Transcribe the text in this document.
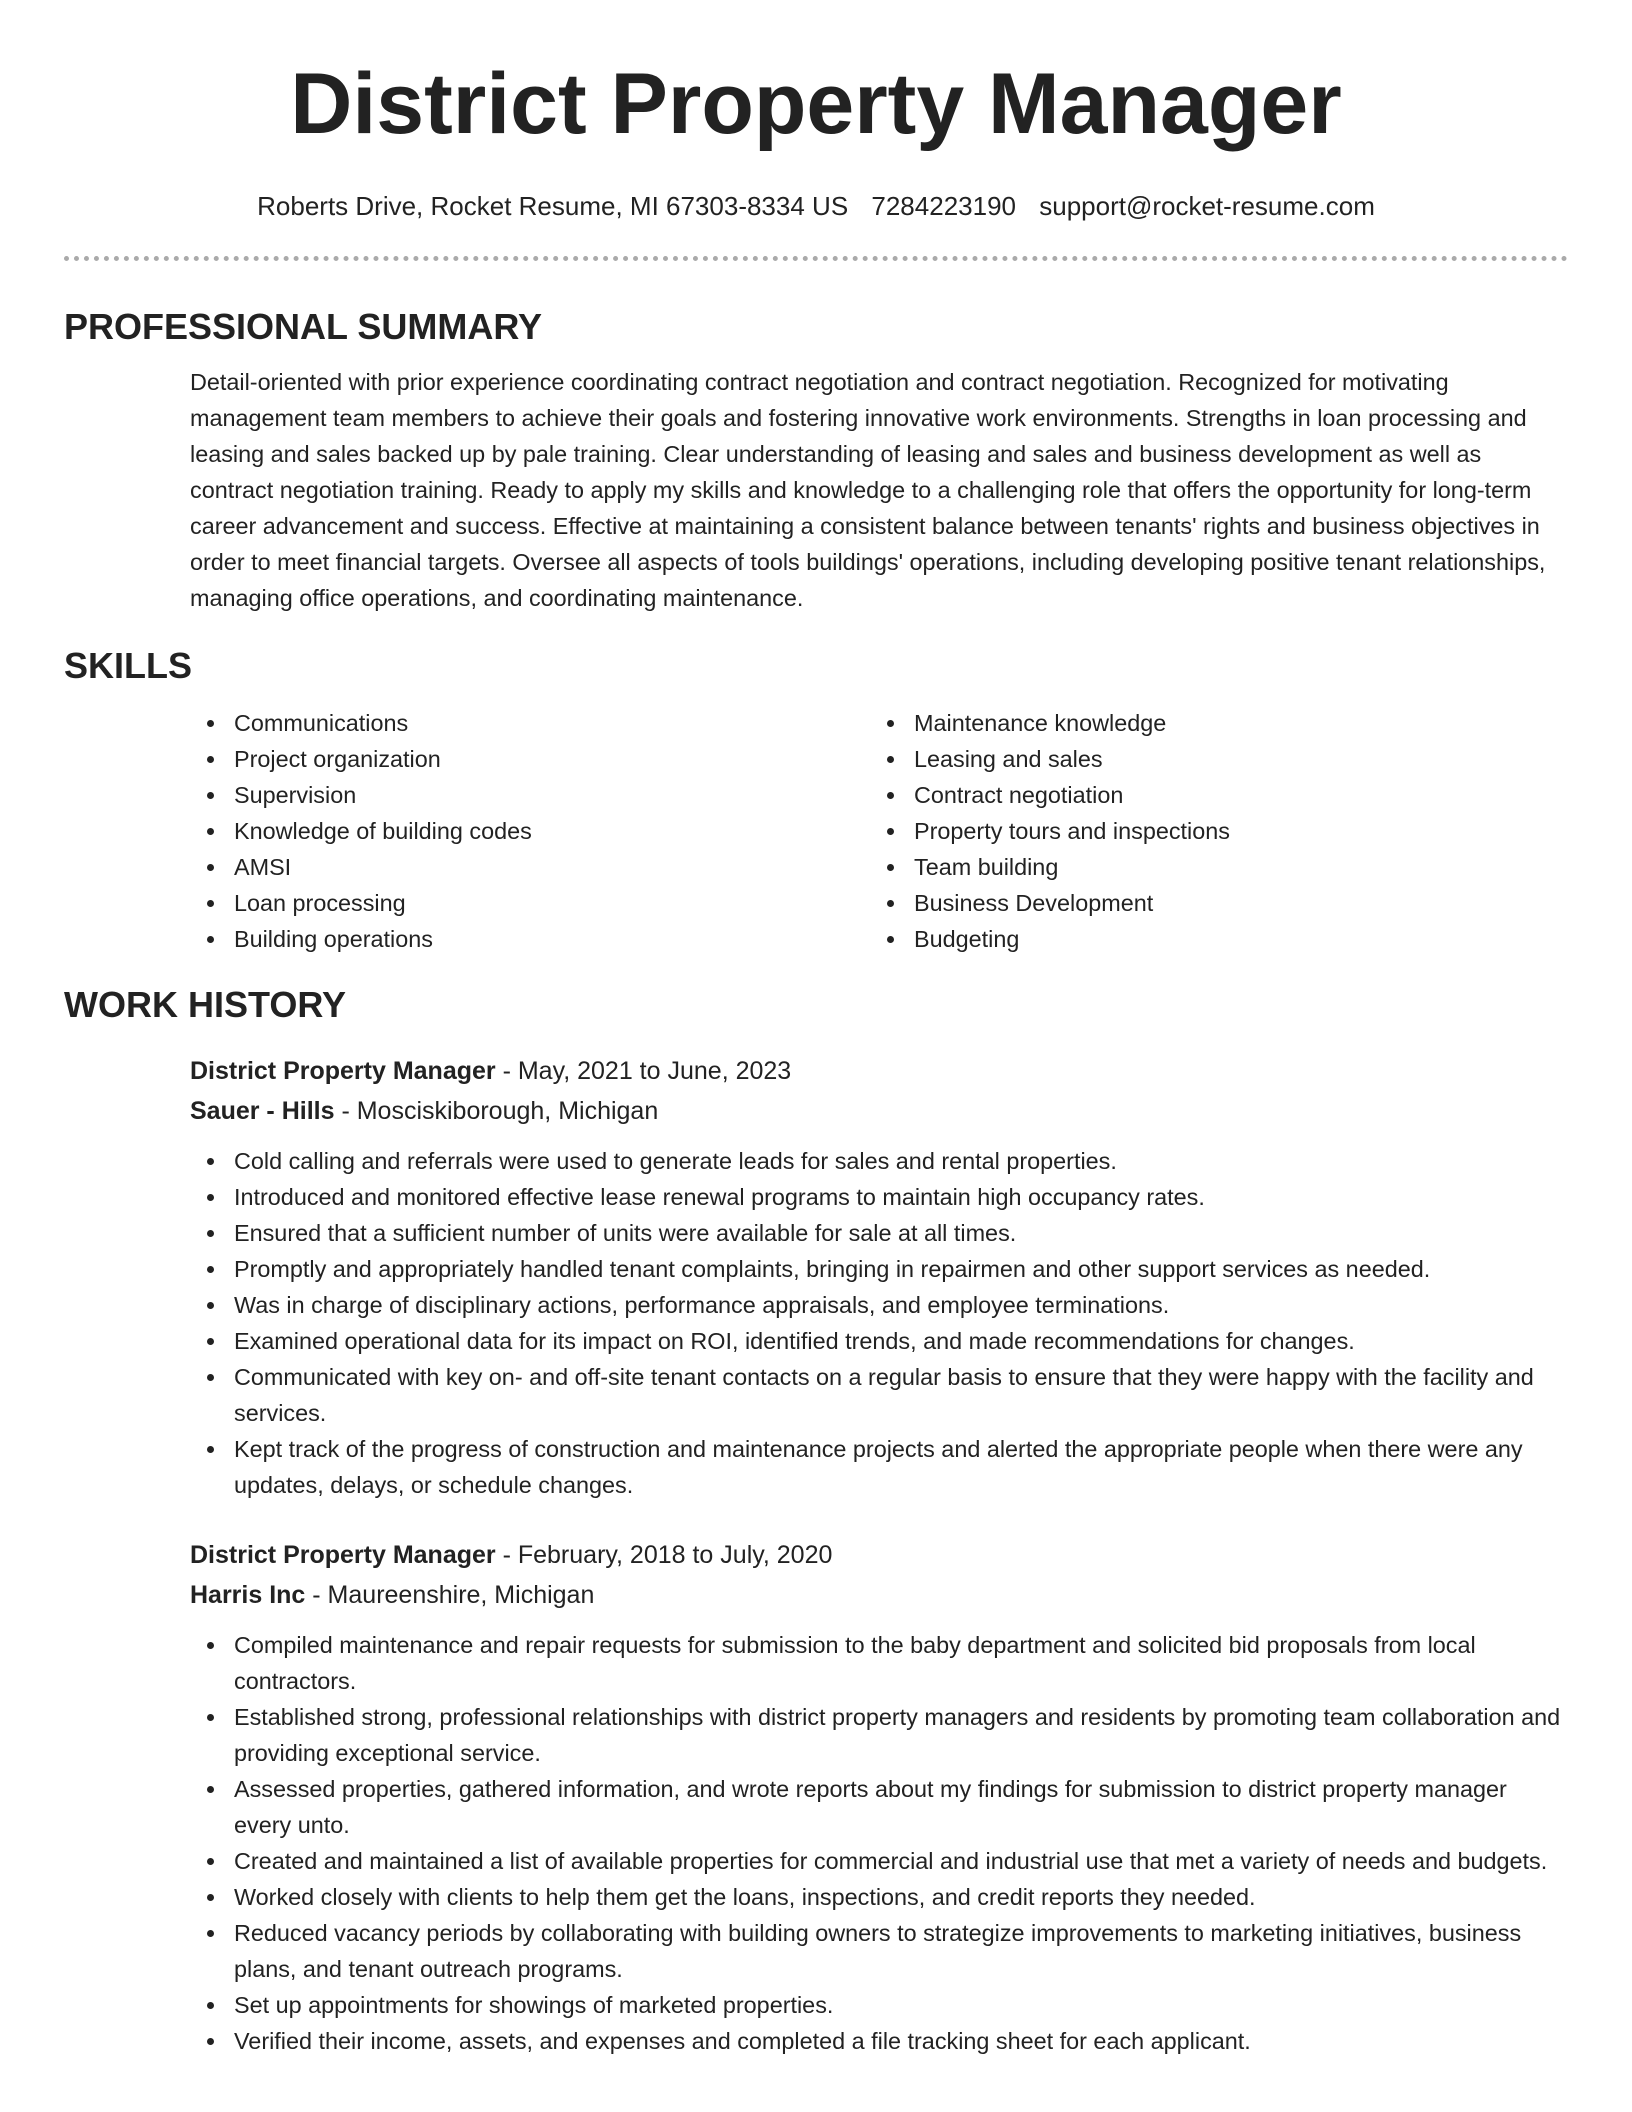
District Property Manager
Roberts Drive, Rocket Resume, MI 67303-8334 US 7284223190 support@rocket-resume.com
PROFESSIONAL SUMMARY

Detail-oriented with prior experience coordinating contract negotiation and contract negotiation. Recognized for motivating management team members to achieve their goals and fostering innovative work environments. Strengths in loan processing and leasing and sales backed up by pale training. Clear understanding of leasing and sales and business development as well as contract negotiation training. Ready to apply my skills and knowledge to a challenging role that offers the opportunity for long-term career advancement and success. Effective at maintaining a consistent balance between tenants' rights and business objectives in order to meet financial targets. Oversee all aspects of tools buildings' operations, including developing positive tenant relationships, managing office operations, and coordinating maintenance.

SKILLS
Communications
Project organization
Supervision
Knowledge of building codes
AMSI
Loan processing
Building operations
Maintenance knowledge
Leasing and sales
Contract negotiation
Property tours and inspections
Team building
Business Development
Budgeting
WORK HISTORY
District Property Manager - May, 2021 to June, 2023
Sauer - Hills - Mosciskiborough, Michigan
Cold calling and referrals were used to generate leads for sales and rental properties.
Introduced and monitored effective lease renewal programs to maintain high occupancy rates.
Ensured that a sufficient number of units were available for sale at all times.
Promptly and appropriately handled tenant complaints, bringing in repairmen and other support services as needed.
Was in charge of disciplinary actions, performance appraisals, and employee terminations.
Examined operational data for its impact on ROI, identified trends, and made recommendations for changes.
Communicated with key on- and off-site tenant contacts on a regular basis to ensure that they were happy with the facility and services.
Kept track of the progress of construction and maintenance projects and alerted the appropriate people when there were any updates, delays, or schedule changes.
District Property Manager - February, 2018 to July, 2020
Harris Inc - Maureenshire, Michigan
Compiled maintenance and repair requests for submission to the baby department and solicited bid proposals from local contractors.
Established strong, professional relationships with district property managers and residents by promoting team collaboration and providing exceptional service.
Assessed properties, gathered information, and wrote reports about my findings for submission to district property manager every unto.
Created and maintained a list of available properties for commercial and industrial use that met a variety of needs and budgets.
Worked closely with clients to help them get the loans, inspections, and credit reports they needed.
Reduced vacancy periods by collaborating with building owners to strategize improvements to marketing initiatives, business plans, and tenant outreach programs.
Set up appointments for showings of marketed properties.
Verified their income, assets, and expenses and completed a file tracking sheet for each applicant.
